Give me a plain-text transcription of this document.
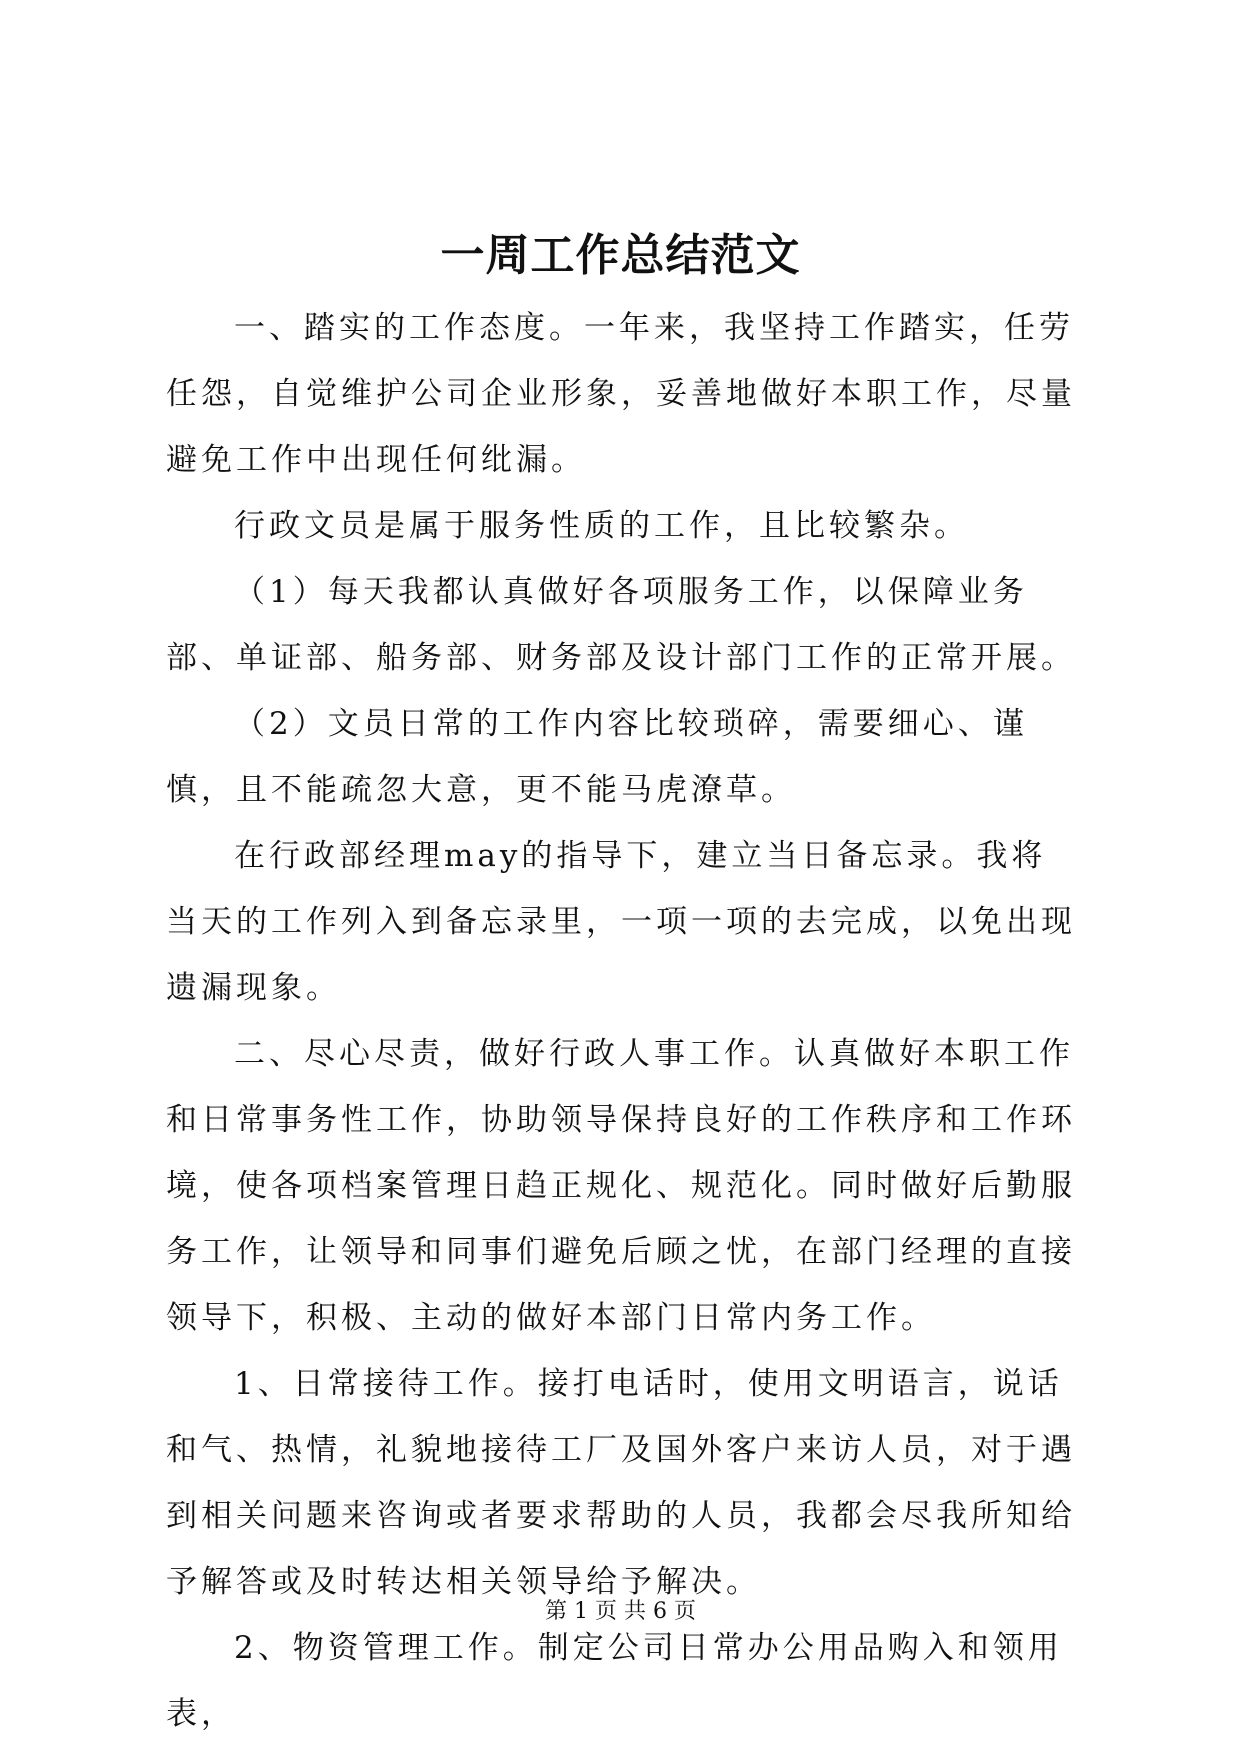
一周工作总结范文

一、踏实的工作态度。一年来，我坚持工作踏实，任劳任怨，自觉维护公司企业形象，妥善地做好本职工作，尽量避免工作中出现任何纰漏。

行政文员是属于服务性质的工作，且比较繁杂。

（1）每天我都认真做好各项服务工作，以保障业务部、单证部、船务部、财务部及设计部门工作的正常开展。

（2）文员日常的工作内容比较琐碎，需要细心、谨慎，且不能疏忽大意，更不能马虎潦草。

在行政部经理may的指导下，建立当日备忘录。我将当天的工作列入到备忘录里，一项一项的去完成，以免出现遗漏现象。

二、尽心尽责，做好行政人事工作。认真做好本职工作和日常事务性工作，协助领导保持良好的工作秩序和工作环境，使各项档案管理日趋正规化、规范化。同时做好后勤服务工作，让领导和同事们避免后顾之忧，在部门经理的直接领导下，积极、主动的做好本部门日常内务工作。

1、日常接待工作。接打电话时，使用文明语言，说话和气、热情，礼貌地接待工厂及国外客户来访人员，对于遇到相关问题来咨询或者要求帮助的人员，我都会尽我所知给予解答或及时转达相关领导给予解决。

2、物资管理工作。制定公司日常办公用品购入和领用表，

第 1 页 共 6 页
